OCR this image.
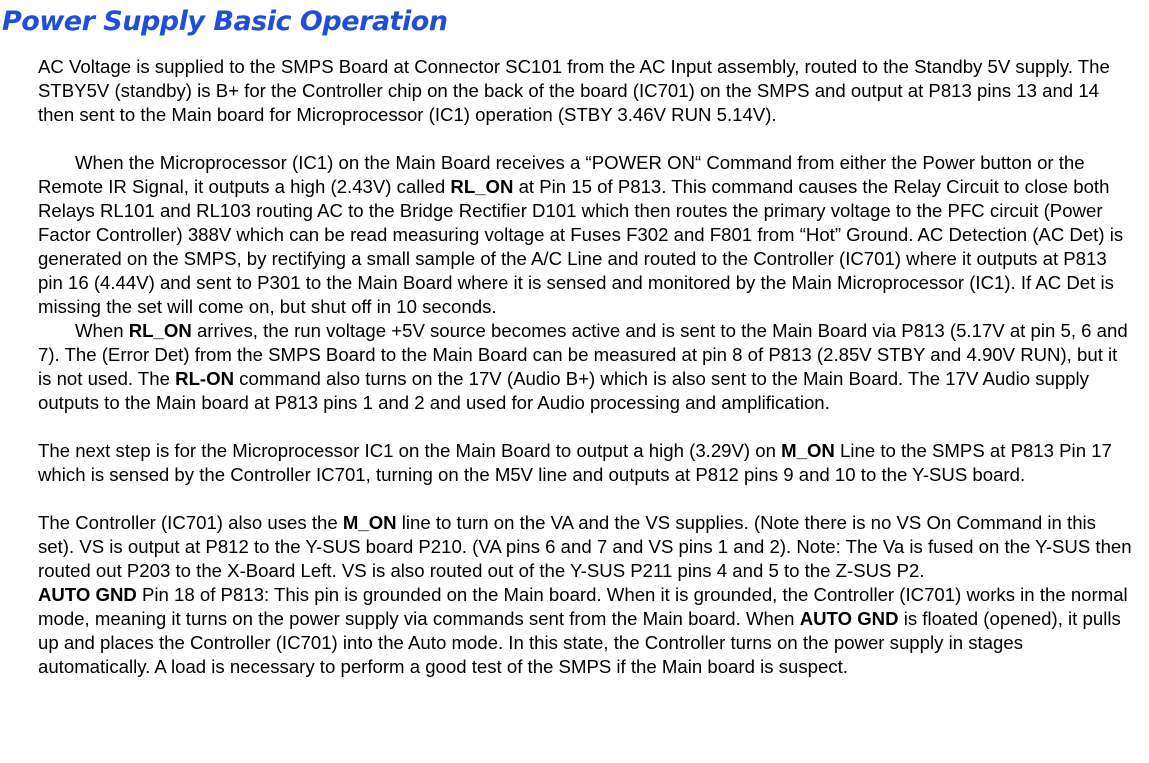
Power Supply Basic Operation

AC Voltage is supplied to the SMPS Board at Connector SC101 from the AC Input assembly, routed to the Standby 5V supply. The STBY5V (standby) is B+ for the Controller chip on the back of the board (IC701) on the SMPS and output at P813 pins 13 and 14 then sent to the Main board for Microprocessor (IC1) operation (STBY 3.46V RUN 5.14V).

When the Microprocessor (IC1) on the Main Board receives a “POWER ON“ Command from either the Power button or the Remote IR Signal, it outputs a high (2.43V) called RL_ON at Pin 15 of P813. This command causes the Relay Circuit to close both Relays RL101 and RL103 routing AC to the Bridge Rectifier D101 which then routes the primary voltage to the PFC circuit (Power Factor Controller) 388V which can be read measuring voltage at Fuses F302 and F801 from “Hot” Ground. AC Detection (AC Det) is generated on the SMPS, by rectifying a small sample of the A/C Line and routed to the Controller (IC701) where it outputs at P813 pin 16 (4.44V) and sent to P301 to the Main Board where it is sensed and monitored by the Main Microprocessor (IC1). If AC Det is missing the set will come on, but shut off in 10 seconds.

When RL_ON arrives, the run voltage +5V source becomes active and is sent to the Main Board via P813 (5.17V at pin 5, 6 and 7). The (Error Det) from the SMPS Board to the Main Board can be measured at pin 8 of P813 (2.85V STBY and 4.90V RUN), but it is not used. The RL-ON command also turns on the 17V (Audio B+) which is also sent to the Main Board. The 17V Audio supply outputs to the Main board at P813 pins 1 and 2 and used for Audio processing and amplification.

The next step is for the Microprocessor IC1 on the Main Board to output a high (3.29V) on M_ON Line to the SMPS at P813 Pin 17 which is sensed by the Controller IC701, turning on the M5V line and outputs at P812 pins 9 and 10 to the Y-SUS board.

The Controller (IC701) also uses the M_ON line to turn on the VA and the VS supplies. (Note there is no VS On Command in this set). VS is output at P812 to the Y-SUS board P210. (VA pins 6 and 7 and VS pins 1 and 2). Note: The Va is fused on the Y-SUS then routed out P203 to the X-Board Left. VS is also routed out of the Y-SUS P211 pins 4 and 5 to the Z-SUS P2.

AUTO GND Pin 18 of P813: This pin is grounded on the Main board. When it is grounded, the Controller (IC701) works in the normal mode, meaning it turns on the power supply via commands sent from the Main board. When AUTO GND is floated (opened), it pulls up and places the Controller (IC701) into the Auto mode. In this state, the Controller turns on the power supply in stages automatically. A load is necessary to perform a good test of the SMPS if the Main board is suspect.
